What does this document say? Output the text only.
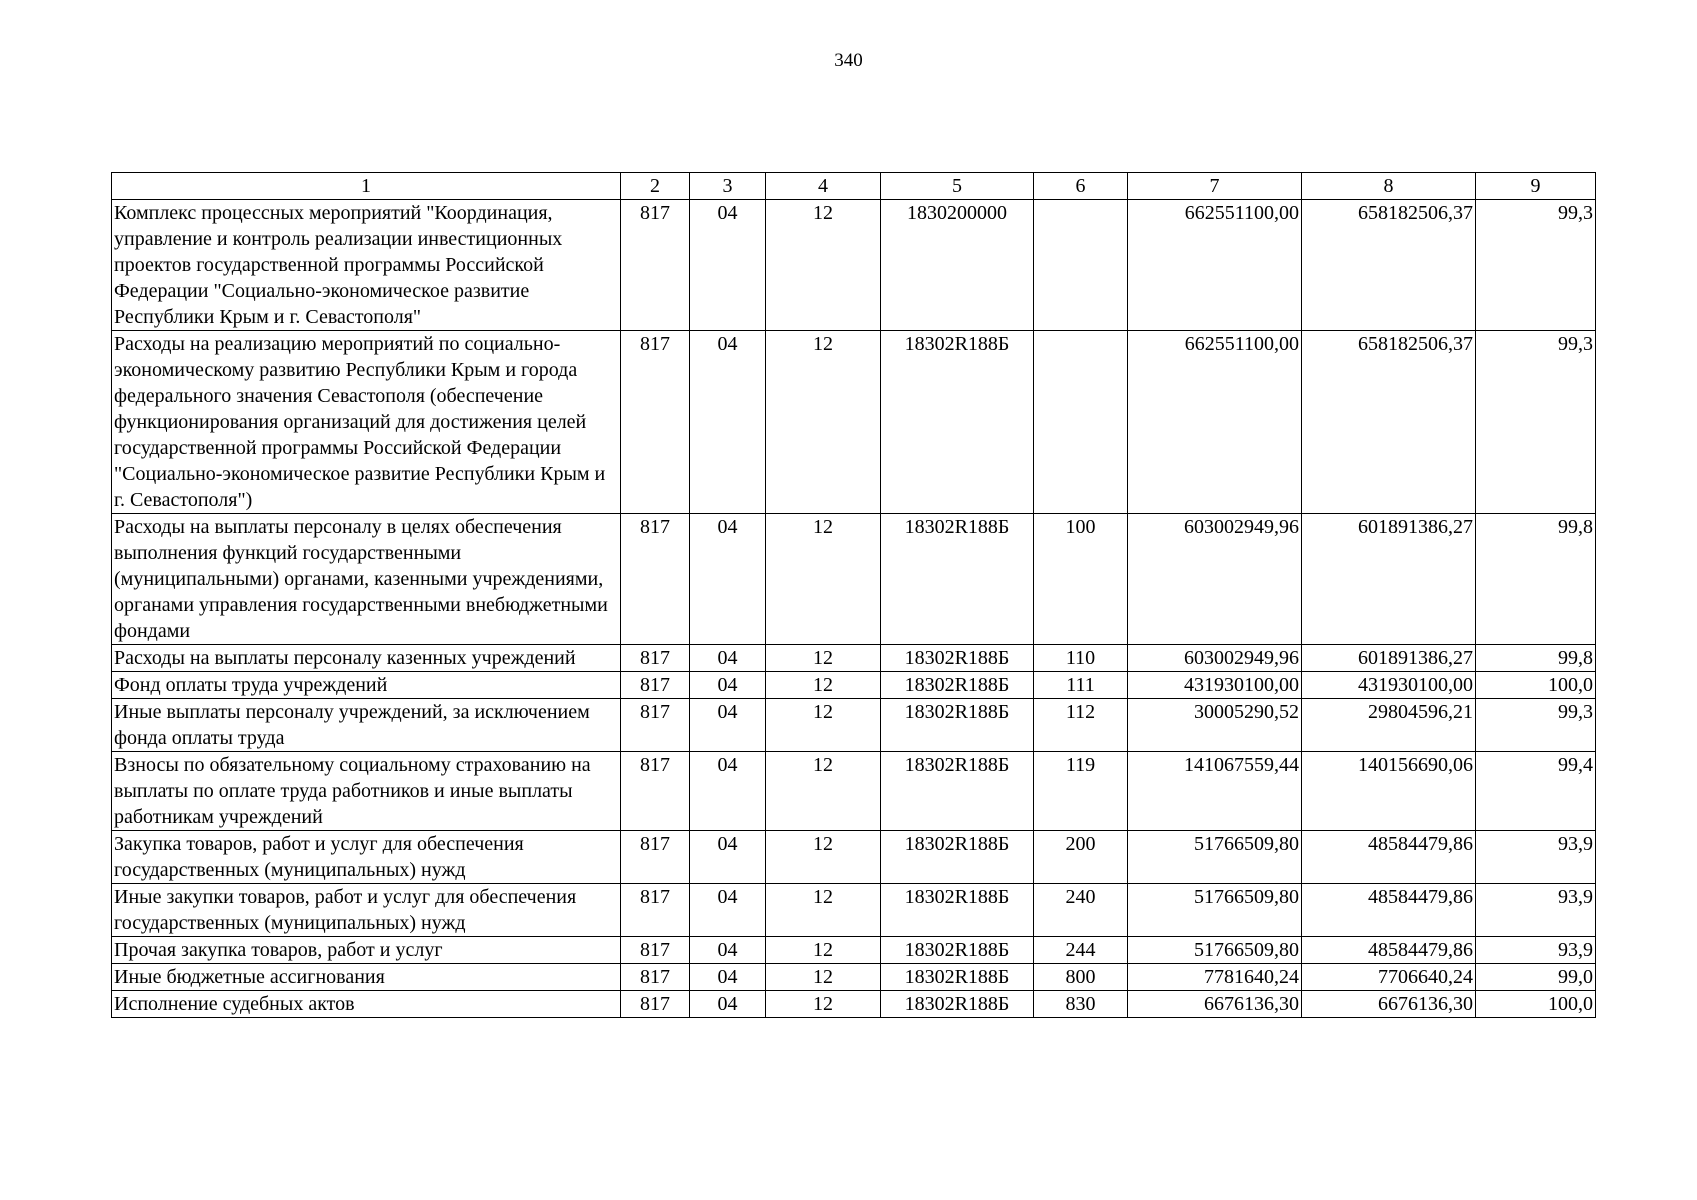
340
1	2	3	4	5	6	7	8	9
Комплекс процессных мероприятий "Координация, управление и контроль реализации инвестиционных проектов государственной программы Российской Федерации "Социально-экономическое развитие Республики Крым и г. Севастополя"	817	04	12	1830200000		662551100,00	658182506,37	99,3
Расходы на реализацию мероприятий по социально-экономическому развитию Республики Крым и города федерального значения Севастополя (обеспечение функционирования организаций для достижения целей государственной программы Российской Федерации "Социально-экономическое развитие Республики Крым и г. Севастополя")	817	04	12	18302R188Б		662551100,00	658182506,37	99,3
Расходы на выплаты персоналу в целях обеспечения выполнения функций государственными (муниципальными) органами, казенными учреждениями, органами управления государственными внебюджетными фондами	817	04	12	18302R188Б	100	603002949,96	601891386,27	99,8
Расходы на выплаты персоналу казенных учреждений	817	04	12	18302R188Б	110	603002949,96	601891386,27	99,8
Фонд оплаты труда учреждений	817	04	12	18302R188Б	111	431930100,00	431930100,00	100,0
Иные выплаты персоналу учреждений, за исключением фонда оплаты труда	817	04	12	18302R188Б	112	30005290,52	29804596,21	99,3
Взносы по обязательному социальному страхованию на выплаты по оплате труда работников и иные выплаты работникам учреждений	817	04	12	18302R188Б	119	141067559,44	140156690,06	99,4
Закупка товаров, работ и услуг для обеспечения государственных (муниципальных) нужд	817	04	12	18302R188Б	200	51766509,80	48584479,86	93,9
Иные закупки товаров, работ и услуг для обеспечения государственных (муниципальных) нужд	817	04	12	18302R188Б	240	51766509,80	48584479,86	93,9
Прочая закупка товаров, работ и услуг	817	04	12	18302R188Б	244	51766509,80	48584479,86	93,9
Иные бюджетные ассигнования	817	04	12	18302R188Б	800	7781640,24	7706640,24	99,0
Исполнение судебных актов	817	04	12	18302R188Б	830	6676136,30	6676136,30	100,0
